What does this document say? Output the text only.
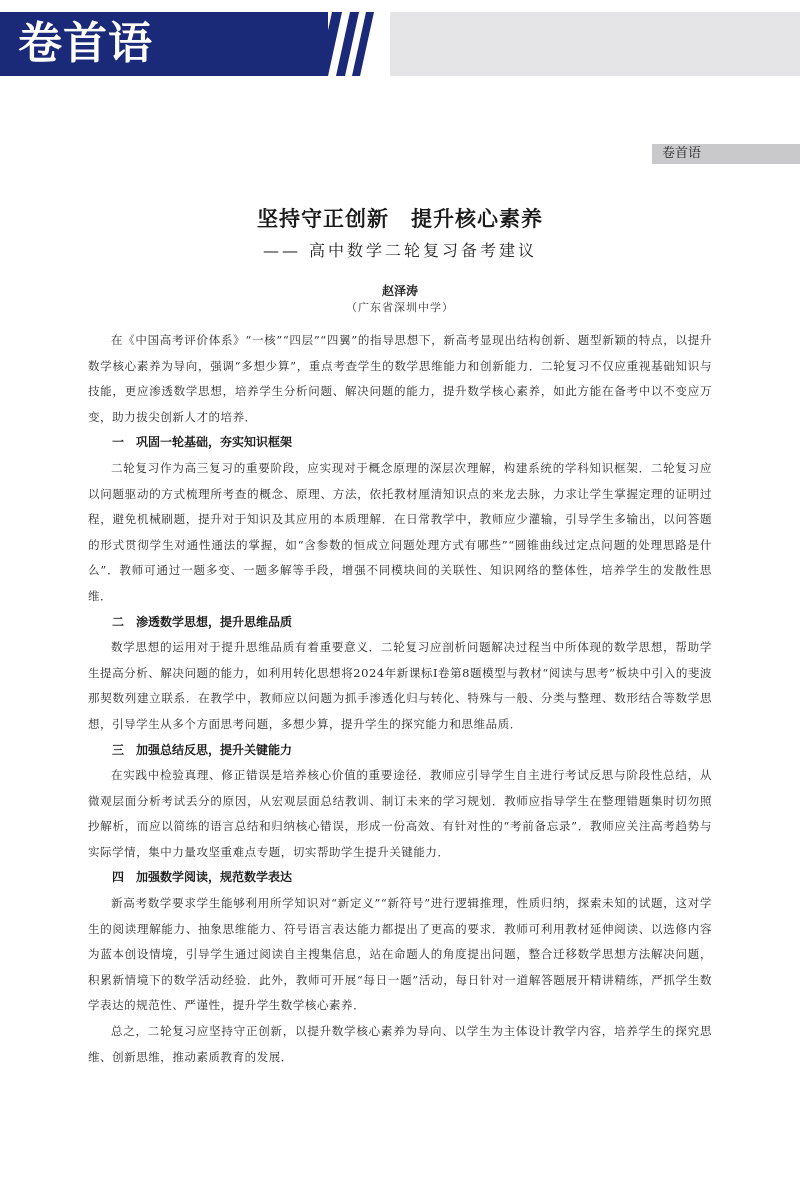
卷首语
卷首语
坚持守正创新　提升核心素养
—— 高中数学二轮复习备考建议
赵泽涛
（广东省深圳中学）

在《中国高考评价体系》“一核”“四层”“四翼”的指导思想下，新高考显现出结构创新、题型新颖的特点，以提升数学核心素养为导向，强调“多想少算”，重点考查学生的数学思维能力和创新能力．二轮复习不仅应重视基础知识与技能，更应渗透数学思想，培养学生分析问题、解决问题的能力，提升数学核心素养，如此方能在备考中以不变应万变，助力拔尖创新人才的培养．

一　巩固一轮基础，夯实知识框架

二轮复习作为高三复习的重要阶段，应实现对于概念原理的深层次理解，构建系统的学科知识框架．二轮复习应以问题驱动的方式梳理所考查的概念、原理、方法，依托教材厘清知识点的来龙去脉，力求让学生掌握定理的证明过程，避免机械刷题，提升对于知识及其应用的本质理解．在日常教学中，教师应少灌输，引导学生多输出，以问答题的形式贯彻学生对通性通法的掌握，如“含参数的恒成立问题处理方式有哪些”“圆锥曲线过定点问题的处理思路是什么”．教师可通过一题多变、一题多解等手段，增强不同模块间的关联性、知识网络的整体性，培养学生的发散性思维．

二　渗透数学思想，提升思维品质

数学思想的运用对于提升思维品质有着重要意义．二轮复习应剖析问题解决过程当中所体现的数学思想，帮助学生提高分析、解决问题的能力，如利用转化思想将2024年新课标Ⅰ卷第8题模型与教材“阅读与思考”板块中引入的斐波那契数列建立联系．在教学中，教师应以问题为抓手渗透化归与转化、特殊与一般、分类与整理、数形结合等数学思想，引导学生从多个方面思考问题，多想少算，提升学生的探究能力和思维品质．

三　加强总结反思，提升关键能力

在实践中检验真理、修正错误是培养核心价值的重要途径．教师应引导学生自主进行考试反思与阶段性总结，从微观层面分析考试丢分的原因，从宏观层面总结教训、制订未来的学习规划．教师应指导学生在整理错题集时切勿照抄解析，而应以简练的语言总结和归纳核心错误，形成一份高效、有针对性的“考前备忘录”．教师应关注高考趋势与实际学情，集中力量攻坚重难点专题，切实帮助学生提升关键能力．

四　加强数学阅读，规范数学表达

新高考数学要求学生能够利用所学知识对“新定义”“新符号”进行逻辑推理，性质归纳，探索未知的试题，这对学生的阅读理解能力、抽象思维能力、符号语言表达能力都提出了更高的要求．教师可利用教材延伸阅读、以选修内容为蓝本创设情境，引导学生通过阅读自主搜集信息，站在命题人的角度提出问题，整合迁移数学思想方法解决问题，积累新情境下的数学活动经验．此外，教师可开展“每日一题”活动，每日针对一道解答题展开精讲精练，严抓学生数学表达的规范性、严谨性，提升学生数学核心素养．

总之，二轮复习应坚持守正创新，以提升数学核心素养为导向、以学生为主体设计教学内容，培养学生的探究思维、创新思维，推动素质教育的发展．
